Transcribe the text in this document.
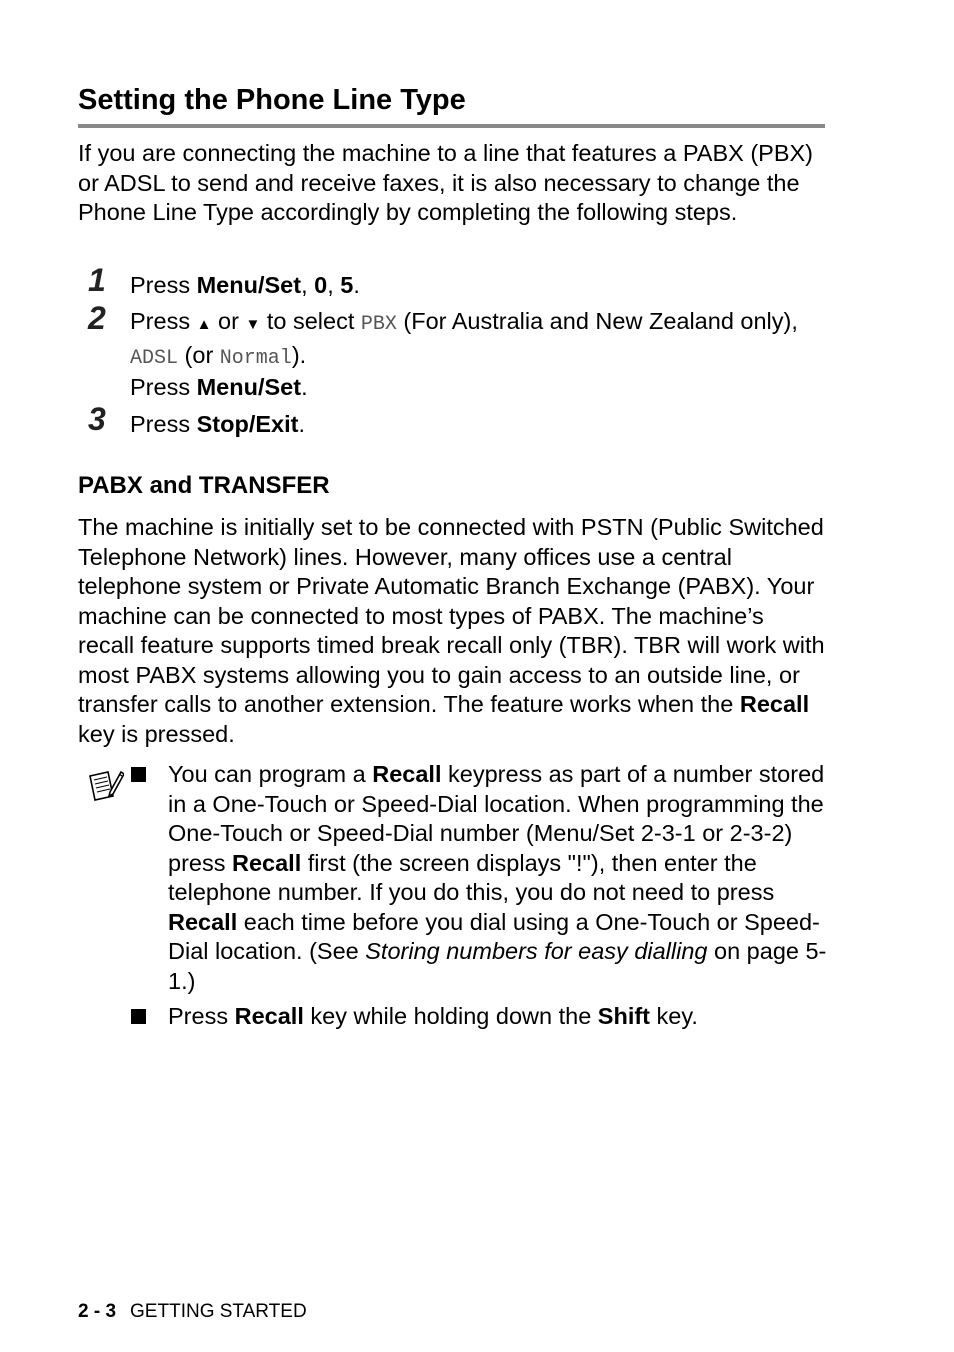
Setting the Phone Line Type

If you are connecting the machine to a line that features a PABX (PBX) or ADSL to send and receive faxes, it is also necessary to change the Phone Line Type accordingly by completing the following steps.

1 Press Menu/Set, 0, 5.
2 Press ▲ or ▼ to select PBX (For Australia and New Zealand only), ADSL (or Normal).
Press Menu/Set.
3 Press Stop/Exit.
PABX and TRANSFER

The machine is initially set to be connected with PSTN (Public Switched Telephone Network) lines. However, many offices use a central telephone system or Private Automatic Branch Exchange (PABX). Your machine can be connected to most types of PABX. The machine’s recall feature supports timed break recall only (TBR). TBR will work with most PABX systems allowing you to gain access to an outside line, or transfer calls to another extension. The feature works when the Recall key is pressed.

You can program a Recall keypress as part of a number stored in a One-Touch or Speed-Dial location. When programming the One-Touch or Speed-Dial number (Menu/Set 2-3-1 or 2-3-2) press Recall first (the screen displays "!"), then enter the telephone number. If you do this, you do not need to press Recall each time before you dial using a One-Touch or Speed-Dial location. (See Storing numbers for easy dialling on page 5-1.)
Press Recall key while holding down the Shift key.
2 - 3 GETTING STARTED
